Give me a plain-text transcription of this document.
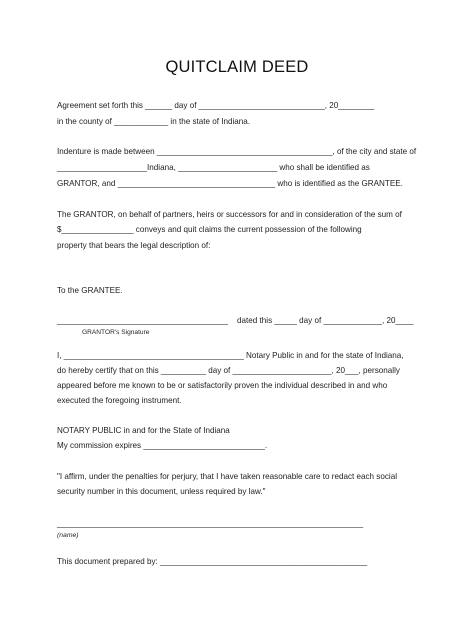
QUITCLAIM DEED
Agreement set forth this ______ day of ____________________________, 20________
in the county of ____________ in the state of Indiana.
Indenture is made between _______________________________________, of the city and state of
____________________Indiana, ______________________ who shall be identified as
GRANTOR, and ___________________________________ who is identified as the GRANTEE.
The GRANTOR, on behalf of partners, heirs or successors for and in consideration of the sum of
$________________ conveys and quit claims the current possession of the following
property that bears the legal description of:
To the GRANTEE.
______________________________________    dated this _____ day of _____________, 20____
GRANTOR's Signature
I, ________________________________________ Notary Public in and for the state of Indiana,
do hereby certify that on this __________ day of ______________________, 20___, personally
appeared before me known to be or satisfactorily proven the individual described in and who
executed the foregoing instrument.
NOTARY PUBLIC in and for the State of Indiana
My commission expires ___________________________.
"I affirm, under the penalties for perjury, that I have taken reasonable care to redact each social
security number in this document, unless required by law."
____________________________________________________________________
(name)
This document prepared by: ______________________________________________
